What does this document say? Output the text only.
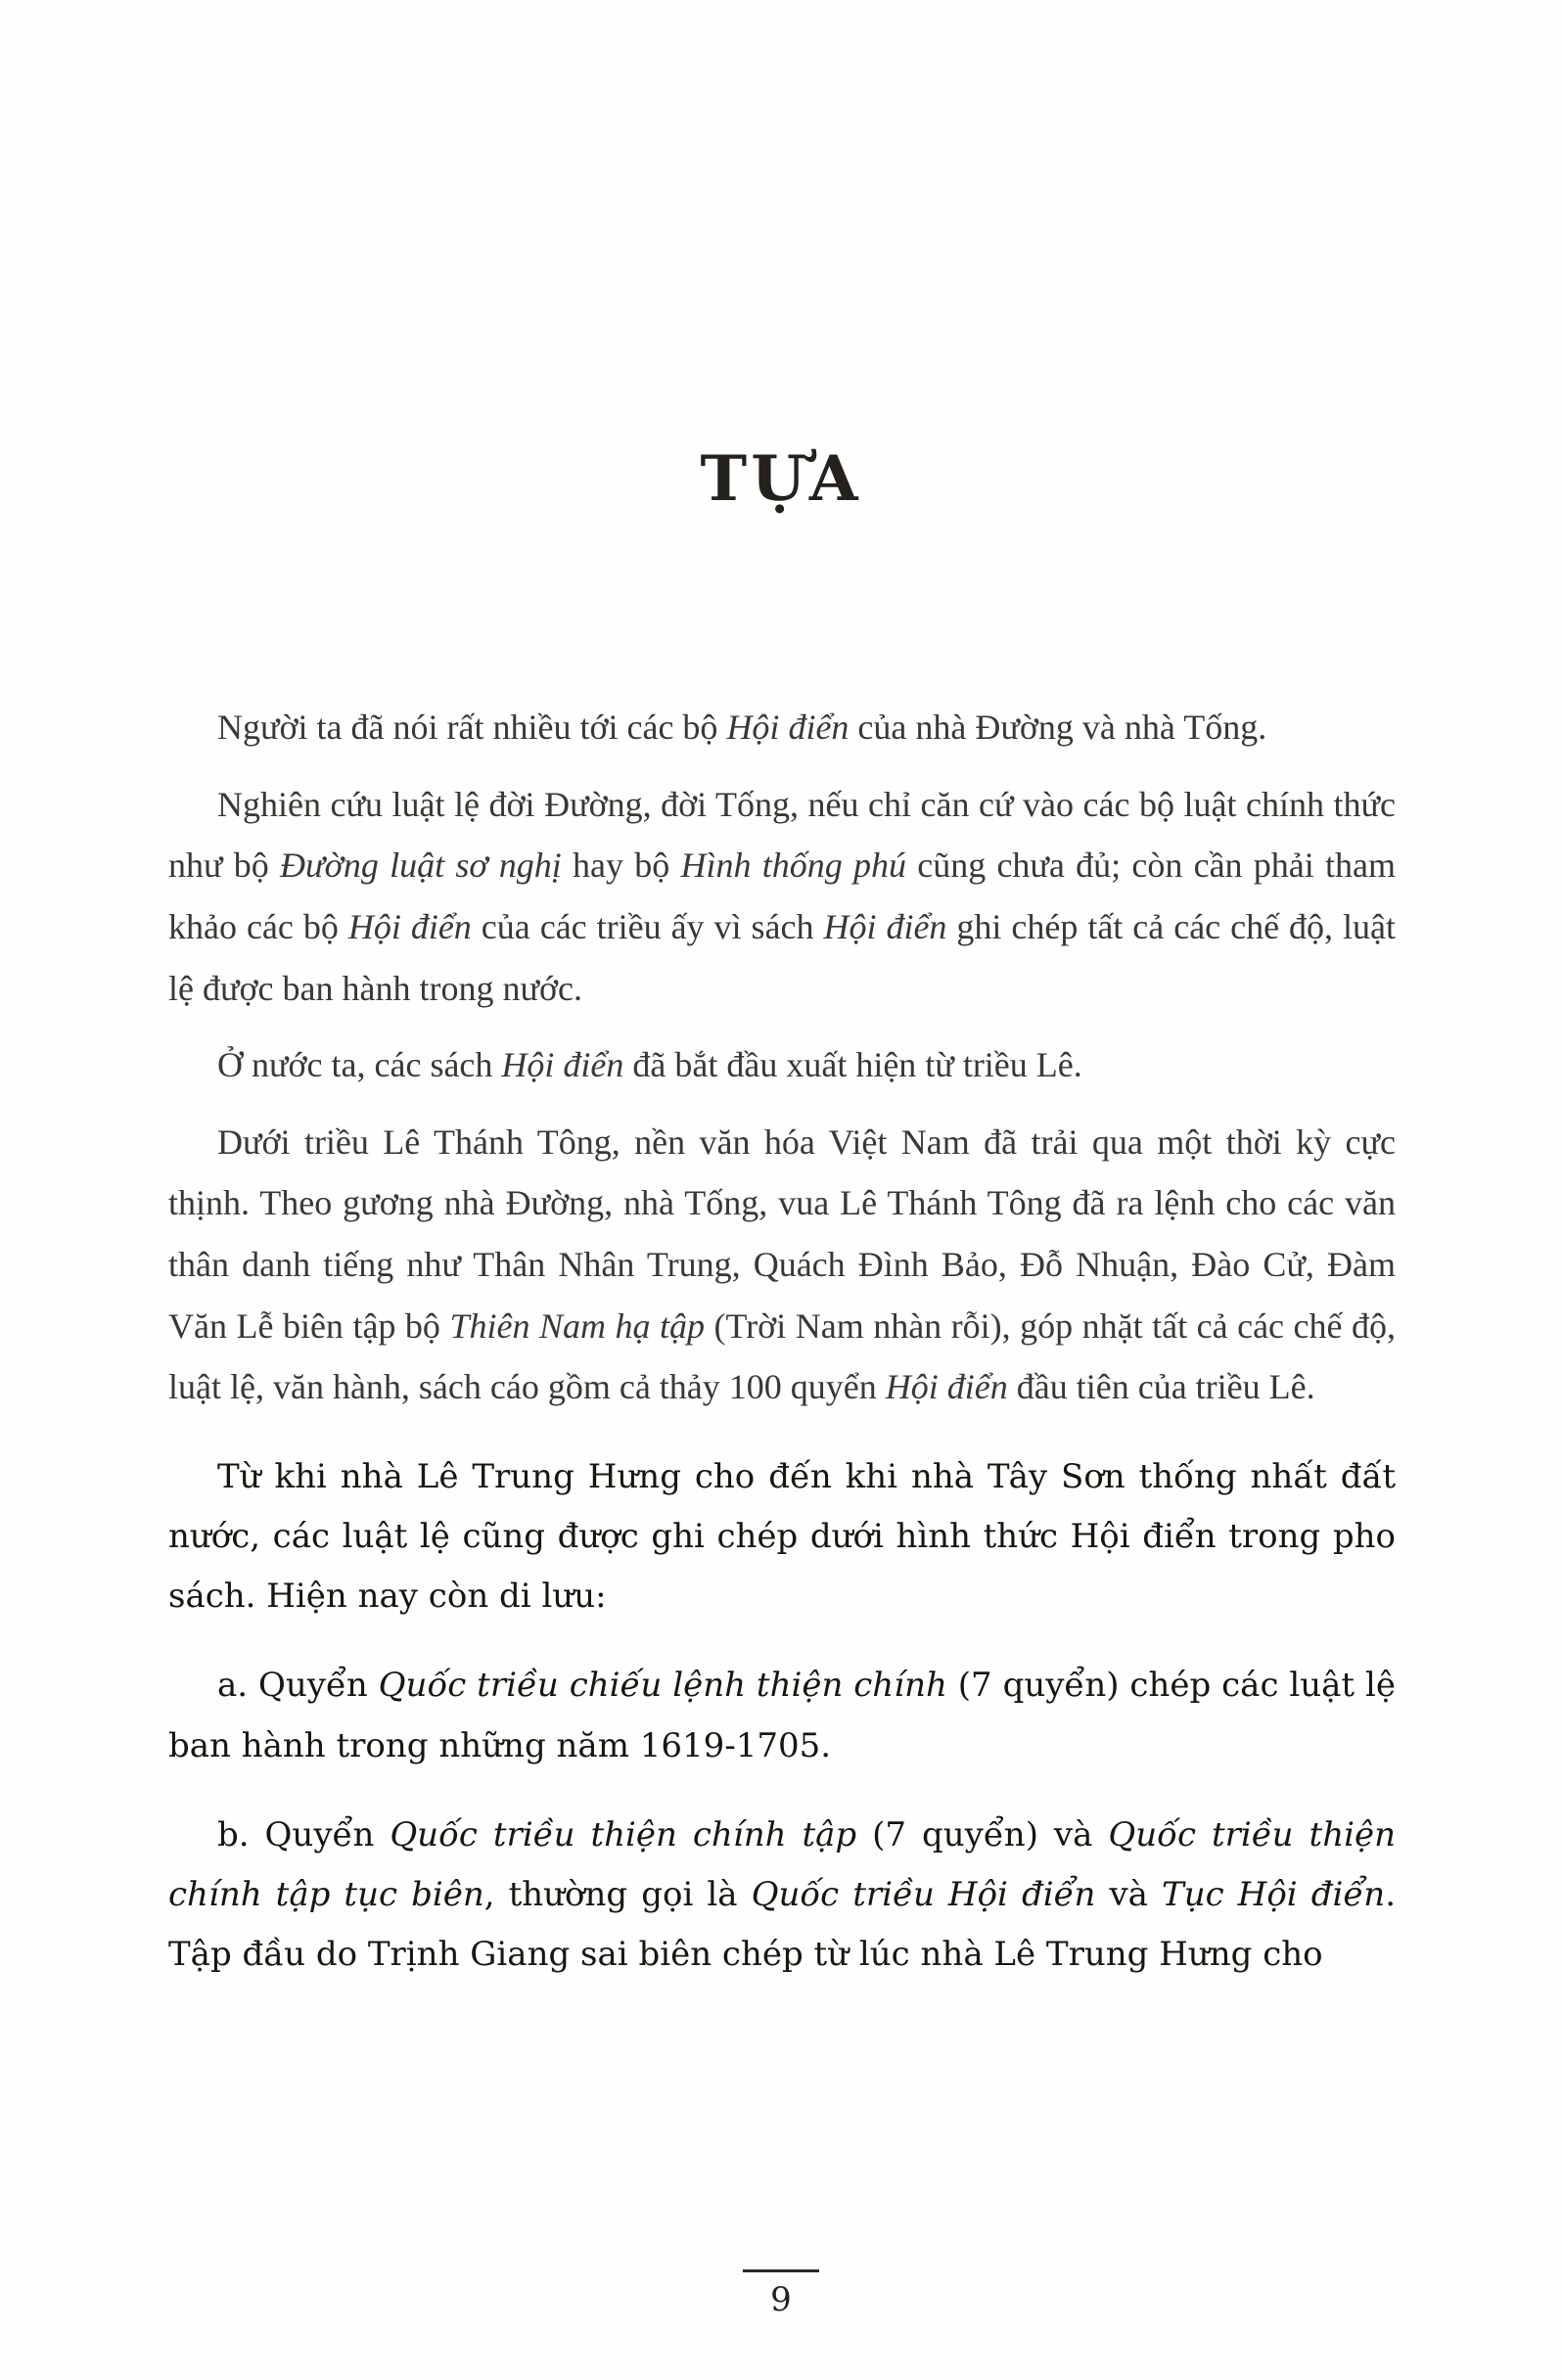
TỰA

Người ta đã nói rất nhiều tới các bộ Hội điển của nhà Đường và nhà Tống.

Nghiên cứu luật lệ đời Đường, đời Tống, nếu chỉ căn cứ vào các bộ luật chính thức như bộ Đường luật sơ nghị hay bộ Hình thống phú cũng chưa đủ; còn cần phải tham khảo các bộ Hội điển của các triều ấy vì sách Hội điển ghi chép tất cả các chế độ, luật lệ được ban hành trong nước.

Ở nước ta, các sách Hội điển đã bắt đầu xuất hiện từ triều Lê.

Dưới triều Lê Thánh Tông, nền văn hóa Việt Nam đã trải qua một thời kỳ cực thịnh. Theo gương nhà Đường, nhà Tống, vua Lê Thánh Tông đã ra lệnh cho các văn thân danh tiếng như Thân Nhân Trung, Quách Đình Bảo, Đỗ Nhuận, Đào Cử, Đàm Văn Lễ biên tập bộ Thiên Nam hạ tập (Trời Nam nhàn rỗi), góp nhặt tất cả các chế độ, luật lệ, văn hành, sách cáo gồm cả thảy 100 quyển Hội điển đầu tiên của triều Lê.

Từ khi nhà Lê Trung Hưng cho đến khi nhà Tây Sơn thống nhất đất nước, các luật lệ cũng được ghi chép dưới hình thức Hội điển trong pho sách. Hiện nay còn di lưu:

a. Quyển Quốc triều chiếu lệnh thiện chính (7 quyển) chép các luật lệ ban hành trong những năm 1619-1705.

b. Quyển Quốc triều thiện chính tập (7 quyển) và Quốc triều thiện chính tập tục biên, thường gọi là Quốc triều Hội điển và Tục Hội điển. Tập đầu do Trịnh Giang sai biên chép từ lúc nhà Lê Trung Hưng cho

9
